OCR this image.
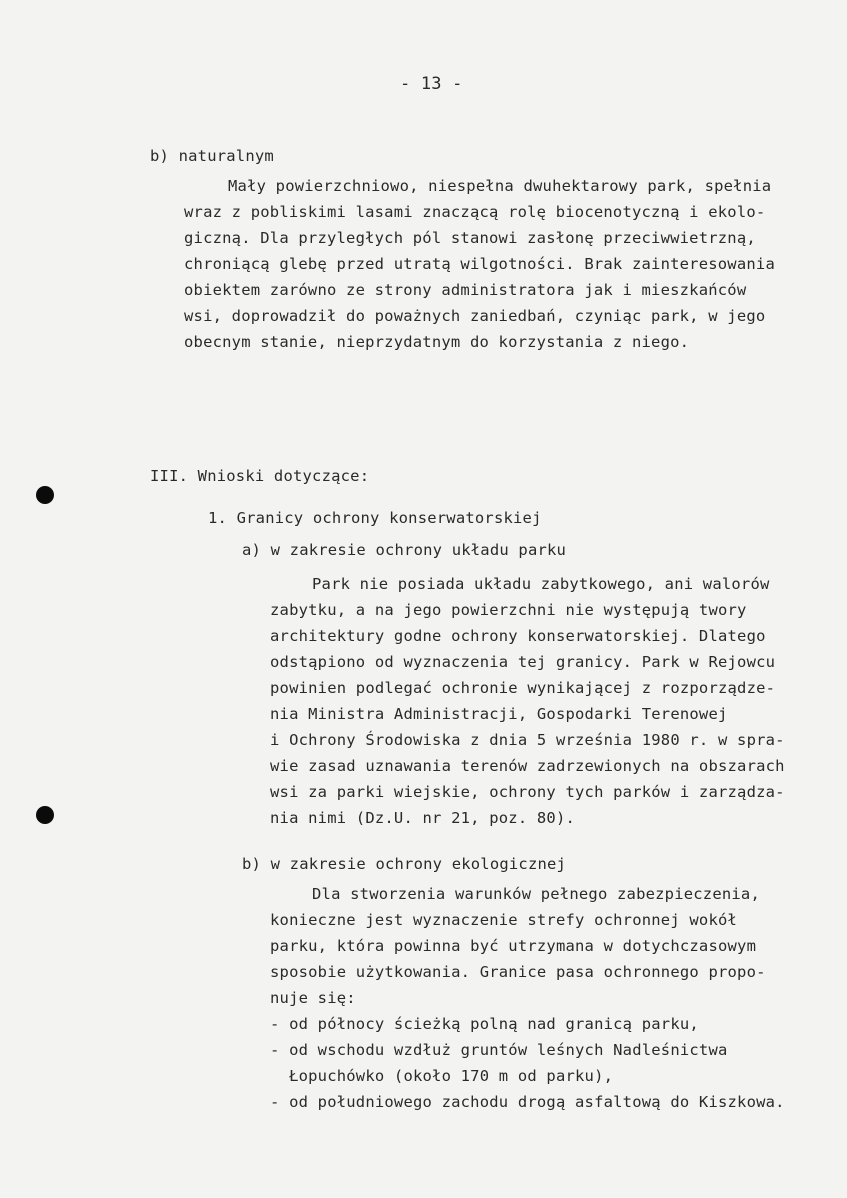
- 13 -
b) naturalnym
Mały powierzchniowo, niespełna dwuhektarowy park, spełnia
wraz z pobliskimi lasami znaczącą rolę biocenotyczną i ekolo-
giczną. Dla przyległych pól stanowi zasłonę przeciwwietrzną,
chroniącą glebę przed utratą wilgotności. Brak zainteresowania
obiektem zarówno ze strony administratora jak i mieszkańców
wsi, doprowadził do poważnych zaniedbań, czyniąc park, w jego
obecnym stanie, nieprzydatnym do korzystania z niego.
III. Wnioski dotyczące:
1. Granicy ochrony konserwatorskiej
a) w zakresie ochrony układu parku
Park nie posiada układu zabytkowego, ani walorów
zabytku, a na jego powierzchni nie występują twory
architektury godne ochrony konserwatorskiej. Dlatego
odstąpiono od wyznaczenia tej granicy. Park w Rejowcu
powinien podlegać ochronie wynikającej z rozporządze-
nia Ministra Administracji, Gospodarki Terenowej
i Ochrony Środowiska z dnia 5 września 1980 r. w spra-
wie zasad uznawania terenów zadrzewionych na obszarach
wsi za parki wiejskie, ochrony tych parków i zarządza-
nia nimi (Dz.U. nr 21, poz. 80).
b) w zakresie ochrony ekologicznej
Dla stworzenia warunków pełnego zabezpieczenia,
konieczne jest wyznaczenie strefy ochronnej wokół
parku, która powinna być utrzymana w dotychczasowym
sposobie użytkowania. Granice pasa ochronnego propo-
nuje się:
- od północy ścieżką polną nad granicą parku,
- od wschodu wzdłuż gruntów leśnych Nadleśnictwa
Łopuchówko (około 170 m od parku),
- od południowego zachodu drogą asfaltową do Kiszkowa.
